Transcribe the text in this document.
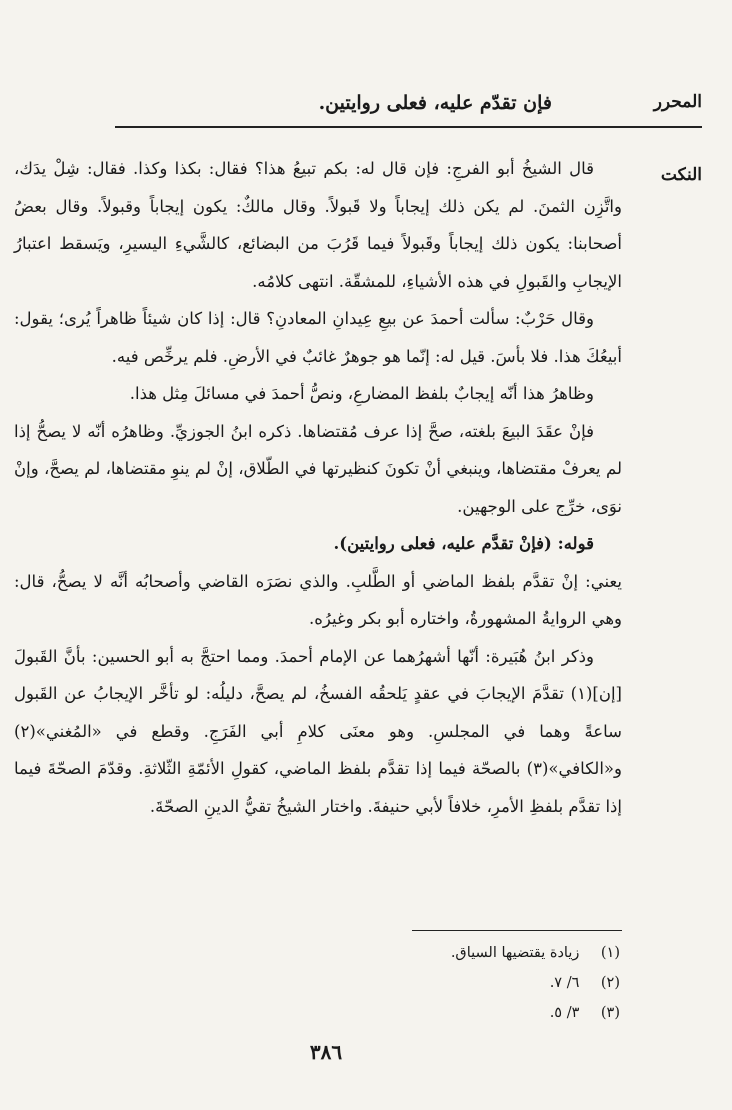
المحرر
فإن تقدّم عليه، فعلى روايتين.
النكت

قال الشيخُ أبو الفرجِ: فإن قال له: بكم تبيعُ هذا؟ فقال: بكذا وكذا. فقال: شِلْ يدَك، واتَّزِن الثمنَ. لم يكن ذلك إيجاباً ولا قَبولاً. وقال مالكٌ: يكون إيجاباً وقبولاً. وقال بعضُ أصحابنا: يكون ذلك إيجاباً وقَبولاً فيما قَرُبَ من البضائع، كالشَّيءِ اليسيرِ، ويَسقط اعتبارُ الإيجابِ والقَبولِ في هذه الأشياءِ، للمشقّة. انتهى كلامُه.

وقال حَرْبٌ: سألت أحمدَ عن بيعِ عِيدانِ المعادنِ؟ قال: إذا كان شيئاً ظاهراً يُرى؛ يقول: أبيعُكَ هذا. فلا بأسَ. قيل له: إنّما هو جوهرٌ غائبٌ في الأرضِ. فلم يرخِّص فيه.

وظاهرُ هذا أنّه إيجابٌ بلفظ المضارعِ، ونصُّ أحمدَ في مسائلَ مِثل هذا.

فإنْ عقَدَ البيعَ بلغته، صحَّ إذا عرف مُقتضاها. ذكره ابنُ الجوزيِّ. وظاهرُه أنّه لا يصحُّ إذا لم يعرفْ مقتضاها، وينبغي أنْ تكونَ كنظيرتها في الطّلاق، إنْ لم ينوِ مقتضاها، لم يصحَّ، وإنْ نوَى، خرِّج على الوجهين.

قوله: (فإنْ تقدَّم عليه، فعلى روايتين).

يعني: إنْ تقدَّم بلفظ الماضي أو الطَّلبِ. والذي نصَرَه القاضي وأصحابُه أنَّه لا يصحُّ، قال: وهي الروايةُ المشهورةُ، واختاره أبو بكر وغيرُه.

وذكر ابنُ هُبَيرة: أنّها أشهرُهما عن الإمام أحمدَ. ومما احتجَّ به أبو الحسين: بأنَّ القَبولَ [إن](١) تقدَّمَ الإيجابَ في عقدٍ يَلحقُه الفسخُ، لم يصحَّ، دليلُه: لو تأخَّر الإيجابُ عن القَبول ساعةً وهما في المجلسِ. وهو معنَى كلامِ أبي الفَرَجِ. وقطع في «المُغني»(٢) و«الكافي»(٣) بالصحّة فيما إذا تقدَّم بلفظ الماضي، كقولِ الأئمّةِ الثّلاثةِ. وقدّمَ الصحّةَ فيما إذا تقدَّم بلفظِ الأمرِ، خلافاً لأبي حنيفةَ. واختار الشيخُ تقيُّ الدينِ الصحّةَ.

(١) زيادة يقتضيها السياق.
(٢) ٦/ ٧.
(٣) ٣/ ٥.
٣٨٦
